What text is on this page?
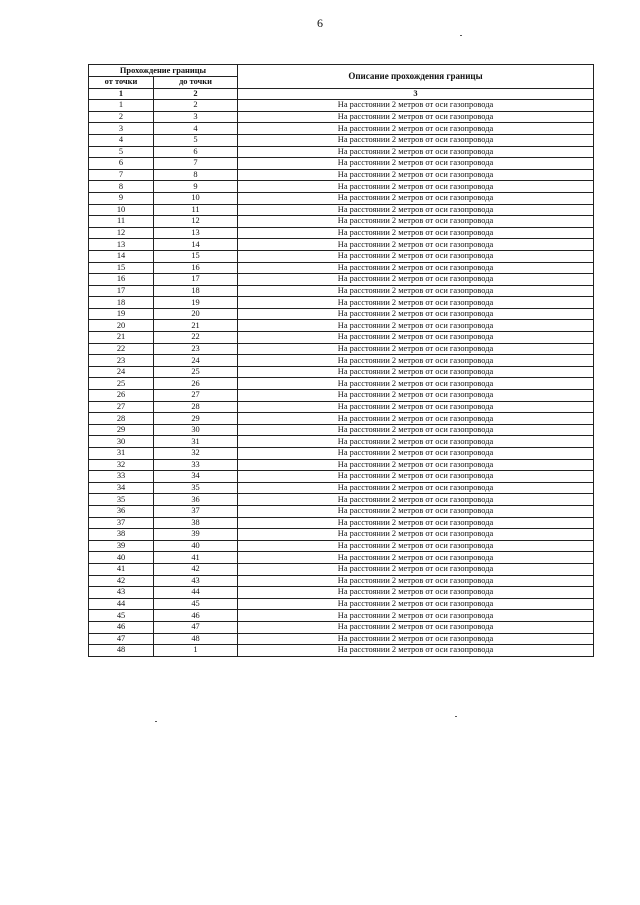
6
Прохождение границы		Описание прохождения границы
от точки	до точки	
1	2	3
1	2	На расстоянии 2 метров от оси газопровода
2	3	На расстоянии 2 метров от оси газопровода
3	4	На расстоянии 2 метров от оси газопровода
4	5	На расстоянии 2 метров от оси газопровода
5	6	На расстоянии 2 метров от оси газопровода
6	7	На расстоянии 2 метров от оси газопровода
7	8	На расстоянии 2 метров от оси газопровода
8	9	На расстоянии 2 метров от оси газопровода
9	10	На расстоянии 2 метров от оси газопровода
10	11	На расстоянии 2 метров от оси газопровода
11	12	На расстоянии 2 метров от оси газопровода
12	13	На расстоянии 2 метров от оси газопровода
13	14	На расстоянии 2 метров от оси газопровода
14	15	На расстоянии 2 метров от оси газопровода
15	16	На расстоянии 2 метров от оси газопровода
16	17	На расстоянии 2 метров от оси газопровода
17	18	На расстоянии 2 метров от оси газопровода
18	19	На расстоянии 2 метров от оси газопровода
19	20	На расстоянии 2 метров от оси газопровода
20	21	На расстоянии 2 метров от оси газопровода
21	22	На расстоянии 2 метров от оси газопровода
22	23	На расстоянии 2 метров от оси газопровода
23	24	На расстоянии 2 метров от оси газопровода
24	25	На расстоянии 2 метров от оси газопровода
25	26	На расстоянии 2 метров от оси газопровода
26	27	На расстоянии 2 метров от оси газопровода
27	28	На расстоянии 2 метров от оси газопровода
28	29	На расстоянии 2 метров от оси газопровода
29	30	На расстоянии 2 метров от оси газопровода
30	31	На расстоянии 2 метров от оси газопровода
31	32	На расстоянии 2 метров от оси газопровода
32	33	На расстоянии 2 метров от оси газопровода
33	34	На расстоянии 2 метров от оси газопровода
34	35	На расстоянии 2 метров от оси газопровода
35	36	На расстоянии 2 метров от оси газопровода
36	37	На расстоянии 2 метров от оси газопровода
37	38	На расстоянии 2 метров от оси газопровода
38	39	На расстоянии 2 метров от оси газопровода
39	40	На расстоянии 2 метров от оси газопровода
40	41	На расстоянии 2 метров от оси газопровода
41	42	На расстоянии 2 метров от оси газопровода
42	43	На расстоянии 2 метров от оси газопровода
43	44	На расстоянии 2 метров от оси газопровода
44	45	На расстоянии 2 метров от оси газопровода
45	46	На расстоянии 2 метров от оси газопровода
46	47	На расстоянии 2 метров от оси газопровода
47	48	На расстоянии 2 метров от оси газопровода
48	1	На расстоянии 2 метров от оси газопровода
